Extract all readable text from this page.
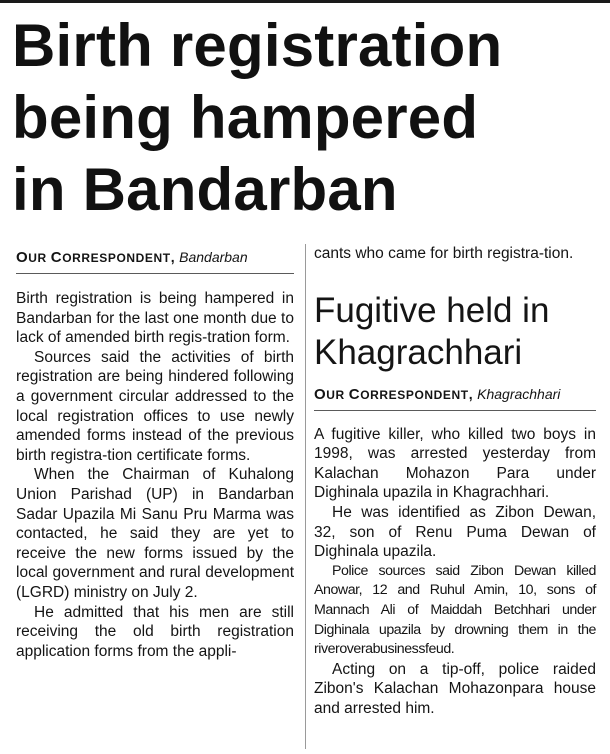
Birth registration
being hampered
in Bandarban
OUR CORRESPONDENT, Bandarban

Birth registration is being hampered in Bandarban for the last one month due to lack of amended birth regis-tration form.

Sources said the activities of birth registration are being hindered following a government circular addressed to the local registration offices to use newly amended forms instead of the previous birth registra-tion certificate forms.

When the Chairman of Kuhalong Union Parishad (UP) in Bandarban Sadar Upazila Mi Sanu Pru Marma was contacted, he said they are yet to receive the new forms issued by the local government and rural development (LGRD) ministry on July 2.

He admitted that his men are still receiving the old birth registration application forms from the appli-

cants who came for birth registra-tion.

Fugitive held in
Khagrachhari
OUR CORRESPONDENT, Khagrachhari

A fugitive killer, who killed two boys in 1998, was arrested yesterday from Kalachan Mohazon Para under Dighinala upazila in Khagrachhari.

He was identified as Zibon Dewan, 32, son of Renu Puma Dewan of Dighinala upazila.

Police sources said Zibon Dewan killed Anowar, 12 and Ruhul Amin, 10, sons of Mannach Ali of Maiddah Betchhari under Dighinala upazila by drowning them in the riveroverabusinessfeud.

Acting on a tip-off, police raided Zibon's Kalachan Mohazonpara house and arrested him.
